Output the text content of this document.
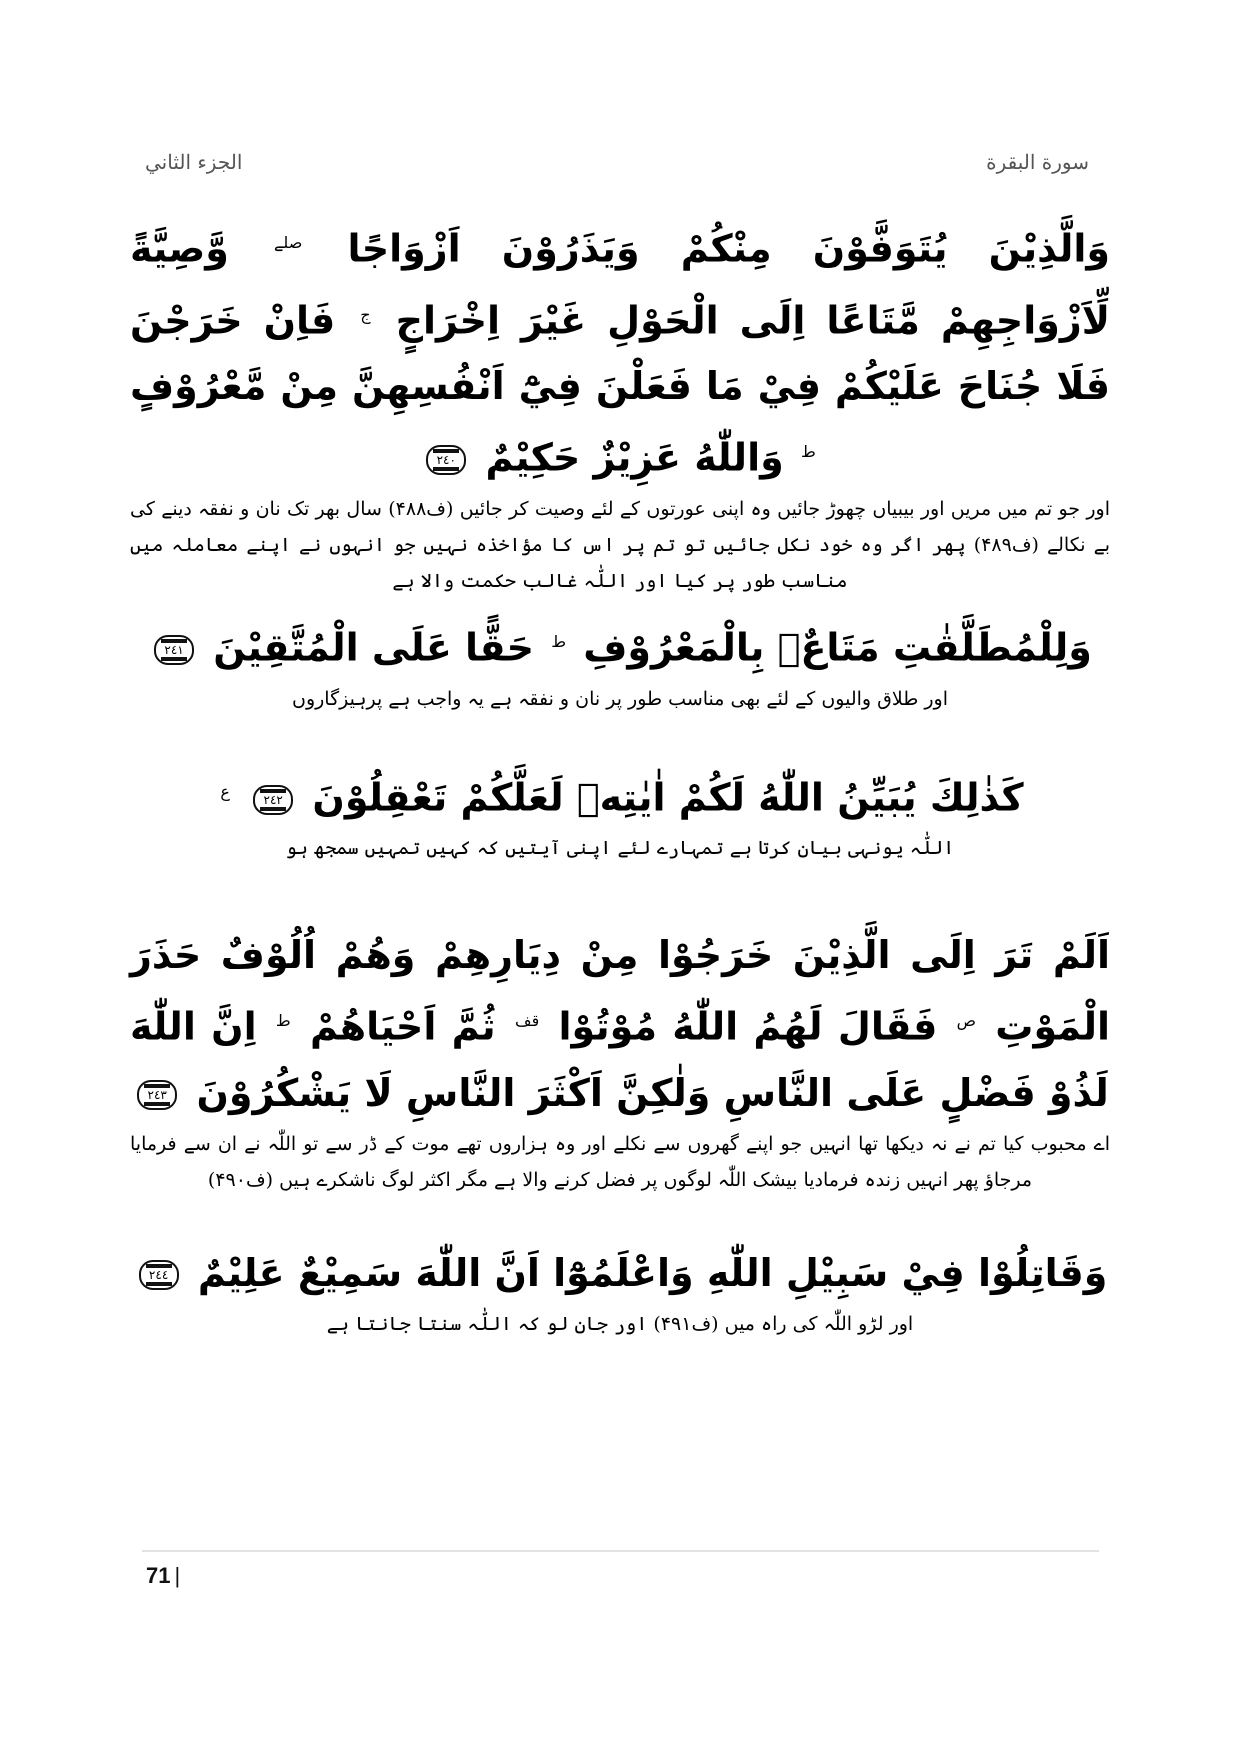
الجزء الثاني	سورة البقرة

وَالَّذِيْنَ يُتَوَفَّوْنَ مِنْكُمْ وَيَذَرُوْنَ اَزْوَاجًا $^{صلے}$ وَّصِيَّةً لِّاَزْوَاجِهِمْ مَّتَاعًا اِلَى الْحَوْلِ غَيْرَ اِخْرَاجٍ $^ج$ فَاِنْ خَرَجْنَ فَلَا جُنَاحَ عَلَيْكُمْ فِيْ مَا فَعَلْنَ فِيْٓ اَنْفُسِهِنَّ مِنْ مَّعْرُوْفٍ $^ط$ وَاللّٰهُ عَزِيْزٌ حَكِيْمٌ ٢٤٠

اور جو تم میں مریں اور بیبیاں چھوڑ جائیں وہ اپنی عورتوں کے لئے وصیت کر جائیں (ف۴۸۸) سال بھر تک نان و نفقہ دینے کی بے نکالے (ف۴۸۹) پھر اگر وہ خود نکل جائیں تو تم پر اس کا مؤاخذہ نہیں جو انہوں نے اپنے معاملہ میں مناسب طور پر کیا اور اللّٰہ غالب حکمت والا ہے

وَلِلْمُطَلَّقٰتِ مَتَاعٌۢ بِالْمَعْرُوْفِ $^ط$ حَقًّا عَلَى الْمُتَّقِيْنَ ٢٤١

اور طلاق والیوں کے لئے بھی مناسب طور پر نان و نفقہ ہے یہ واجب ہے پرہیزگاروں

كَذٰلِكَ يُبَيِّنُ اللّٰهُ لَكُمْ اٰيٰتِهٖ لَعَلَّكُمْ تَعْقِلُوْنَ ٢٤٢ $^ع$

اللّٰہ یونہی بیان کرتا ہے تمہارے لئے اپنی آیتیں کہ کہیں تمہیں سمجھ ہو

اَلَمْ تَرَ اِلَى الَّذِيْنَ خَرَجُوْا مِنْ دِيَارِهِمْ وَهُمْ اُلُوْفٌ حَذَرَ الْمَوْتِ $^ص$ فَقَالَ لَهُمُ اللّٰهُ مُوْتُوْا $^{قف}$ ثُمَّ اَحْيَاهُمْ $^ط$ اِنَّ اللّٰهَ لَذُوْ فَضْلٍ عَلَى النَّاسِ وَلٰكِنَّ اَكْثَرَ النَّاسِ لَا يَشْكُرُوْنَ ٢٤٣

اے محبوب کیا تم نے نہ دیکھا تھا انہیں جو اپنے گھروں سے نکلے اور وہ ہزاروں تھے موت کے ڈر سے تو اللّٰہ نے ان سے فرمایا مرجاؤ پھر انہیں زندہ فرمادیا بیشک اللّٰہ لوگوں پر فضل کرنے والا ہے مگر اکثر لوگ ناشکرے ہیں (ف۴۹۰)

وَقَاتِلُوْا فِيْ سَبِيْلِ اللّٰهِ وَاعْلَمُوْٓا اَنَّ اللّٰهَ سَمِيْعٌ عَلِيْمٌ ٢٤٤

اور لڑو اللّٰہ کی راہ میں (ف۴۹۱) اور جان لو کہ اللّٰہ سنتا جانتا ہے

71 |
